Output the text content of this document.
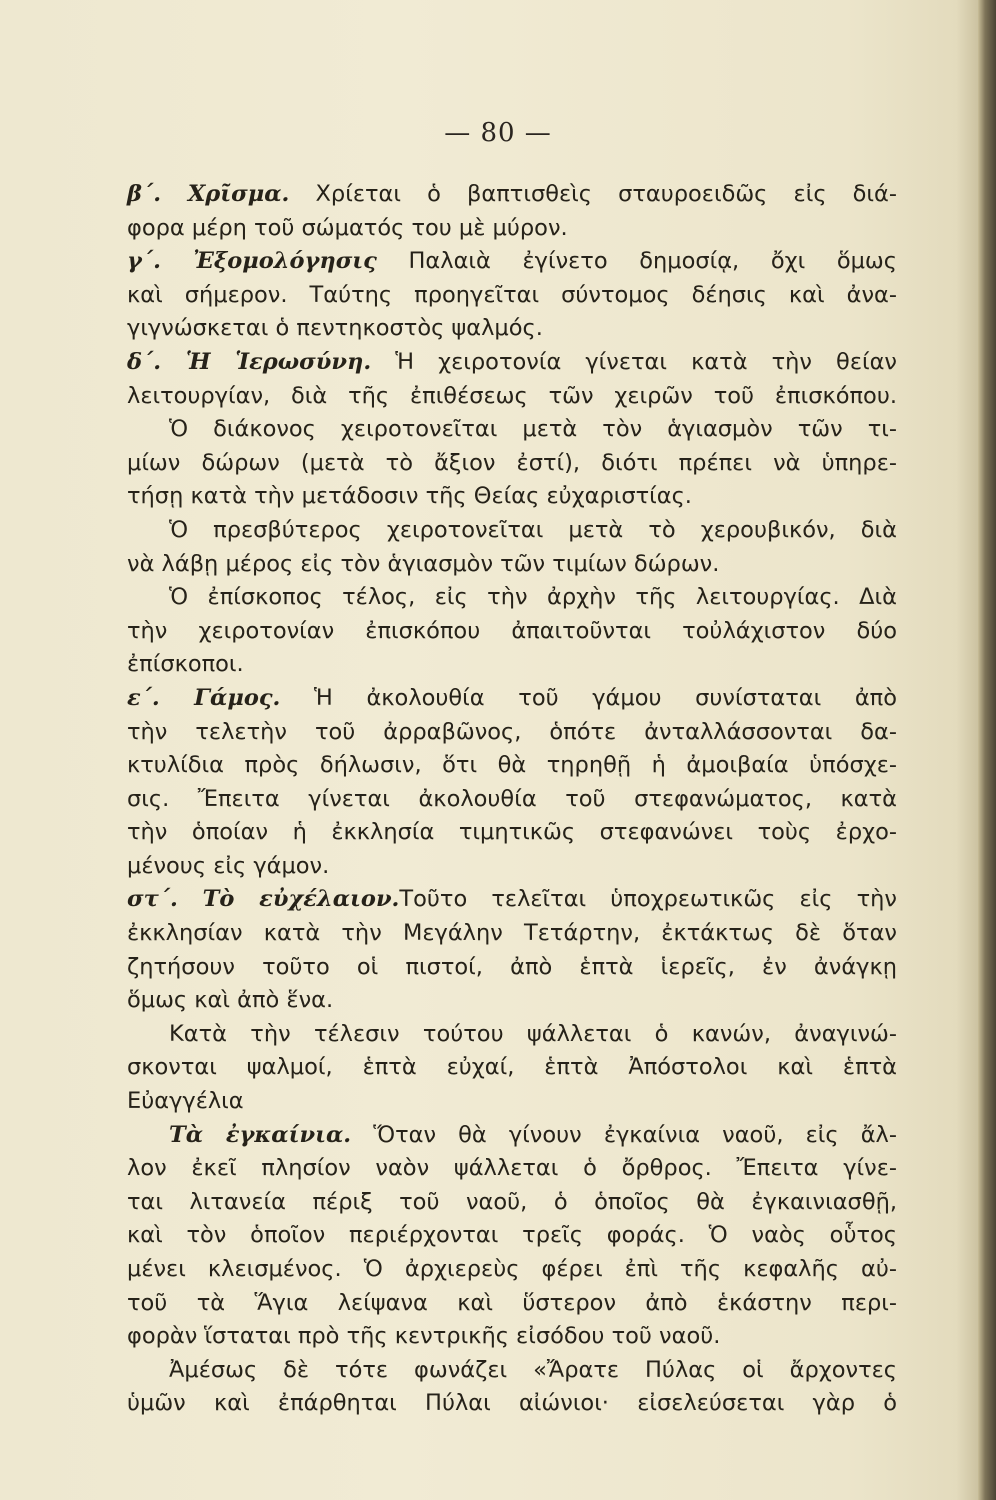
— 80 —
β΄. Χρῖσμα. Χρίεται ὁ βαπτισθεὶς σταυροειδῶς εἰς διά-
φορα μέρη τοῦ σώματός του μὲ μύρον.
γ΄. Ἐξομολόγησις Παλαιὰ ἐγίνετο δημοσίᾳ, ὄχι ὅμως
καὶ σήμερον. Ταύτης προηγεῖται σύντομος δέησις καὶ ἀνα-
γιγνώσκεται ὁ πεντηκοστὸς ψαλμός.
δ΄. Ἡ Ἱερωσύνη. Ἡ χειροτονία γίνεται κατὰ τὴν θείαν
λειτουργίαν, διὰ τῆς ἐπιθέσεως τῶν χειρῶν τοῦ ἐπισκόπου.
Ὁ διάκονος χειροτονεῖται μετὰ τὸν ἁγιασμὸν τῶν τι-
μίων δώρων (μετὰ τὸ ἄξιον ἐστί), διότι πρέπει νὰ ὑπηρε-
τήσῃ κατὰ τὴν μετάδοσιν τῆς Θείας εὐχαριστίας.
Ὁ πρεσβύτερος χειροτονεῖται μετὰ τὸ χερουβικόν, διὰ
νὰ λάβῃ μέρος εἰς τὸν ἁγιασμὸν τῶν τιμίων δώρων.
Ὁ ἐπίσκοπος τέλος, εἰς τὴν ἀρχὴν τῆς λειτουργίας. Διὰ
τὴν χειροτονίαν ἐπισκόπου ἀπαιτοῦνται τοὐλάχιστον δύο
ἐπίσκοποι.
ε΄. Γάμος. Ἡ ἀκολουθία τοῦ γάμου συνίσταται ἀπὸ
τὴν τελετὴν τοῦ ἀρραβῶνος, ὁπότε ἀνταλλάσσονται δα-
κτυλίδια πρὸς δήλωσιν, ὅτι θὰ τηρηθῇ ἡ ἀμοιβαία ὑπόσχε-
σις. Ἔπειτα γίνεται ἀκολουθία τοῦ στεφανώματος, κατὰ
τὴν ὁποίαν ἡ ἐκκλησία τιμητικῶς στεφανώνει τοὺς ἐρχο-
μένους εἰς γάμον.
στ΄. Τὸ εὐχέλαιον.Τοῦτο τελεῖται ὑποχρεωτικῶς εἰς τὴν
ἐκκλησίαν κατὰ τὴν Μεγάλην Τετάρτην, ἐκτάκτως δὲ ὅταν
ζητήσουν τοῦτο οἱ πιστοί, ἀπὸ ἑπτὰ ἱερεῖς, ἐν ἀνάγκῃ
ὅμως καὶ ἀπὸ ἕνα.
Κατὰ τὴν τέλεσιν τούτου ψάλλεται ὁ κανών, ἀναγινώ-
σκονται ψαλμοί, ἑπτὰ εὐχαί, ἑπτὰ Ἀπόστολοι καὶ ἑπτὰ
Εὐαγγέλια
Τὰ ἐγκαίνια. Ὅταν θὰ γίνουν ἐγκαίνια ναοῦ, εἰς ἄλ-
λον ἐκεῖ πλησίον ναὸν ψάλλεται ὁ ὄρθρος. Ἔπειτα γίνε-
ται λιτανεία πέριξ τοῦ ναοῦ, ὁ ὁποῖος θὰ ἐγκαινιασθῇ,
καὶ τὸν ὁποῖον περιέρχονται τρεῖς φοράς. Ὁ ναὸς οὗτος
μένει κλεισμένος. Ὁ ἀρχιερεὺς φέρει ἐπὶ τῆς κεφαλῆς αὐ-
τοῦ τὰ Ἅγια λείψανα καὶ ὕστερον ἀπὸ ἑκάστην περι-
φορὰν ἵσταται πρὸ τῆς κεντρικῆς εἰσόδου τοῦ ναοῦ.
Ἀμέσως δὲ τότε φωνάζει «Ἄρατε Πύλας οἱ ἄρχοντες
ὑμῶν καὶ ἐπάρθηται Πύλαι αἰώνιοι· εἰσελεύσεται γὰρ ὁ
